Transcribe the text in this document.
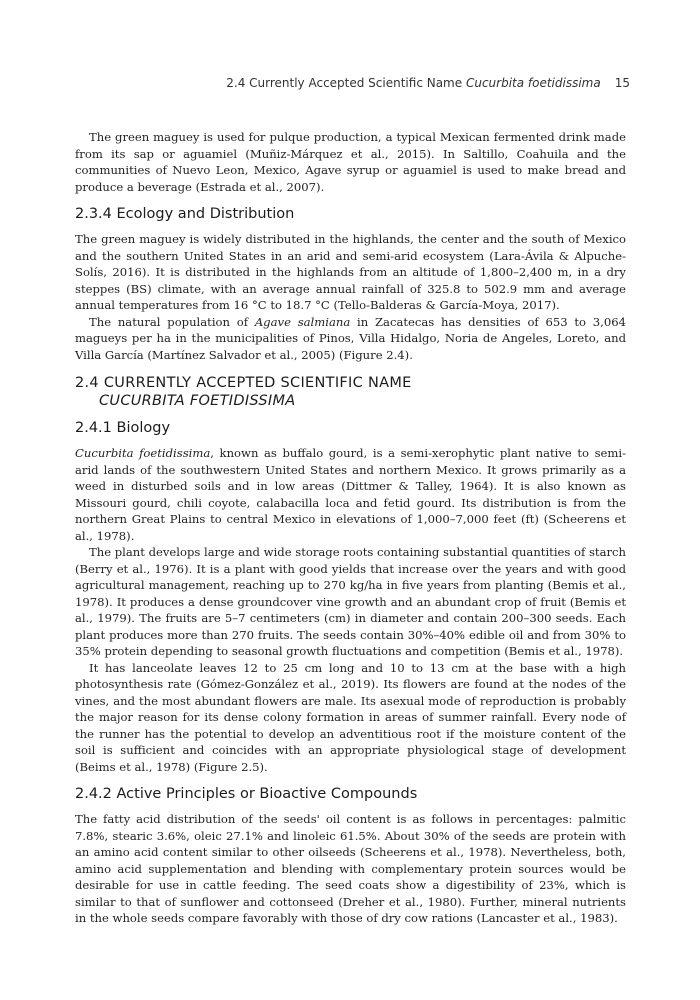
2.4 Currently Accepted Scientific Name Cucurbita foetidissima 15

The green maguey is used for pulque production, a typical Mexican fermented drink made from its sap or aguamiel (Muñiz-Márquez et al., 2015). In Saltillo, Coahuila and the communities of Nuevo Leon, Mexico, Agave syrup or aguamiel is used to make bread and produce a beverage (Estrada et al., 2007).

2.3.4 Ecology and Distribution

The green maguey is widely distributed in the highlands, the center and the south of Mexico and the southern United States in an arid and semi-arid ecosystem (Lara-Ávila & Alpuche-Solís, 2016). It is distributed in the highlands from an altitude of 1,800–2,400 m, in a dry steppes (BS) climate, with an average annual rainfall of 325.8 to 502.9 mm and average annual temperatures from 16 °C to 18.7 °C (Tello-Balderas & García-Moya, 2017).

The natural population of Agave salmiana in Zacatecas has densities of 653 to 3,064 magueys per ha in the municipalities of Pinos, Villa Hidalgo, Noria de Angeles, Loreto, and Villa García (Martínez Salvador et al., 2005) (Figure 2.4).

2.4 CURRENTLY ACCEPTED SCIENTIFIC NAME
CUCURBITA FOETIDISSIMA
2.4.1 Biology

Cucurbita foetidissima, known as buffalo gourd, is a semi-xerophytic plant native to semi-arid lands of the southwestern United States and northern Mexico. It grows primarily as a weed in disturbed soils and in low areas (Dittmer & Talley, 1964). It is also known as Missouri gourd, chili coyote, calabacilla loca and fetid gourd. Its distribution is from the northern Great Plains to central Mexico in elevations of 1,000–7,000 feet (ft) (Scheerens et al., 1978).

The plant develops large and wide storage roots containing substantial quantities of starch (Berry et al., 1976). It is a plant with good yields that increase over the years and with good agricultural management, reaching up to 270 kg/ha in five years from planting (Bemis et al., 1978). It produces a dense groundcover vine growth and an abundant crop of fruit (Bemis et al., 1979). The fruits are 5–7 centimeters (cm) in diameter and contain 200–300 seeds. Each plant produces more than 270 fruits. The seeds contain 30%–40% edible oil and from 30% to 35% protein depending to seasonal growth fluctuations and competition (Bemis et al., 1978).

It has lanceolate leaves 12 to 25 cm long and 10 to 13 cm at the base with a high photosynthesis rate (Gómez-González et al., 2019). Its flowers are found at the nodes of the vines, and the most abundant flowers are male. Its asexual mode of reproduction is probably the major reason for its dense colony formation in areas of summer rainfall. Every node of the runner has the potential to develop an adventitious root if the moisture content of the soil is sufficient and coincides with an appropriate physiological stage of development (Beims et al., 1978) (Figure 2.5).

2.4.2 Active Principles or Bioactive Compounds

The fatty acid distribution of the seeds' oil content is as follows in percentages: palmitic 7.8%, stearic 3.6%, oleic 27.1% and linoleic 61.5%. About 30% of the seeds are protein with an amino acid content similar to other oilseeds (Scheerens et al., 1978). Nevertheless, both, amino acid supplementation and blending with complementary protein sources would be desirable for use in cattle feeding. The seed coats show a digestibility of 23%, which is similar to that of sunflower and cottonseed (Dreher et al., 1980). Further, mineral nutrients in the whole seeds compare favorably with those of dry cow rations (Lancaster et al., 1983).
